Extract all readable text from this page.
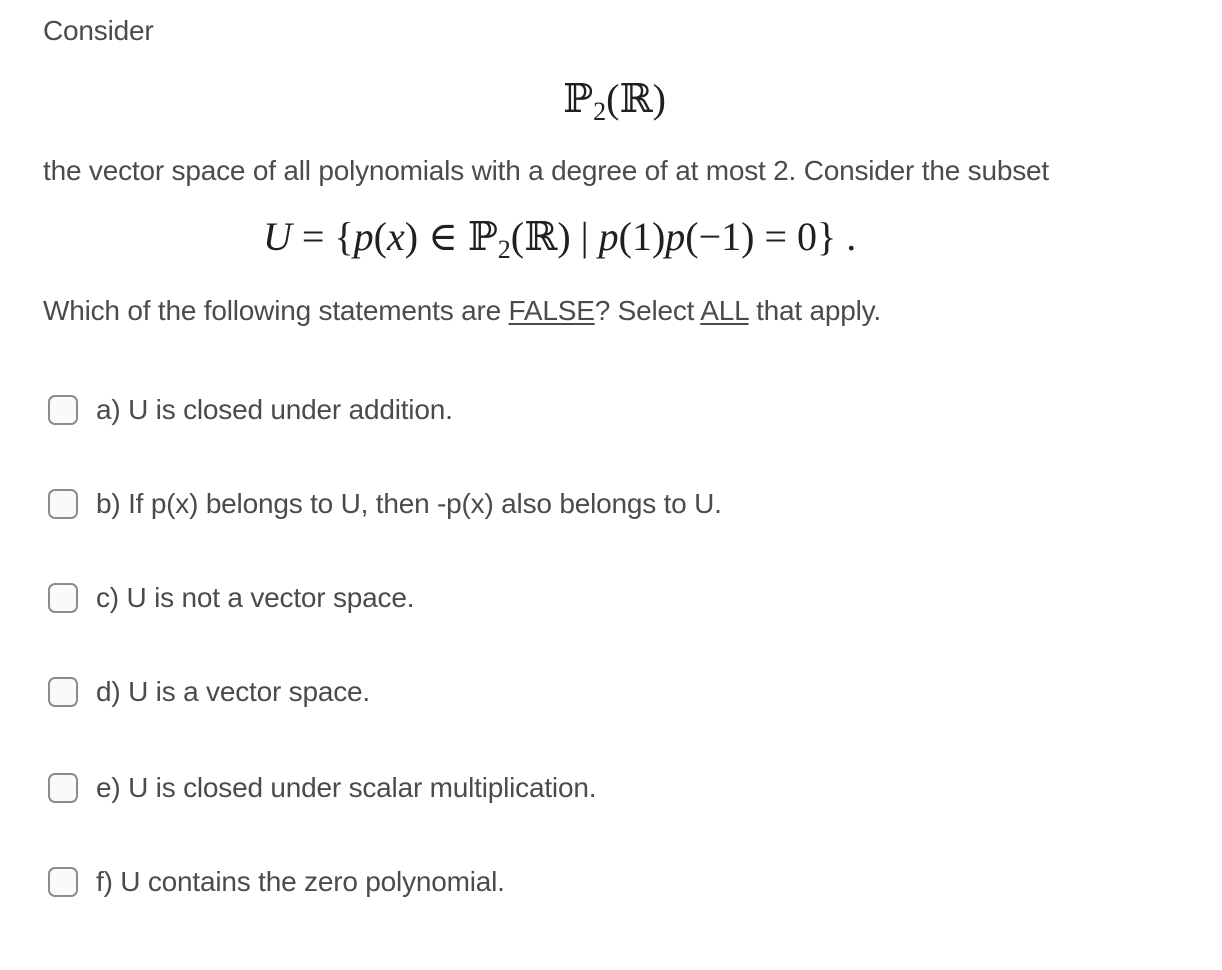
Consider
ℙ$_2$(ℝ)
the vector space of all polynomials with a degree of at most 2. Consider the subset
U = {p(x) ∈ ℙ$_2$(ℝ) | p(1)p(−1) = 0} .
Which of the following statements are FALSE? Select ALL that apply.
a) U is closed under addition.
b) If p(x) belongs to U, then -p(x) also belongs to U.
c) U is not a vector space.
d) U is a vector space.
e) U is closed under scalar multiplication.
f) U contains the zero polynomial.
